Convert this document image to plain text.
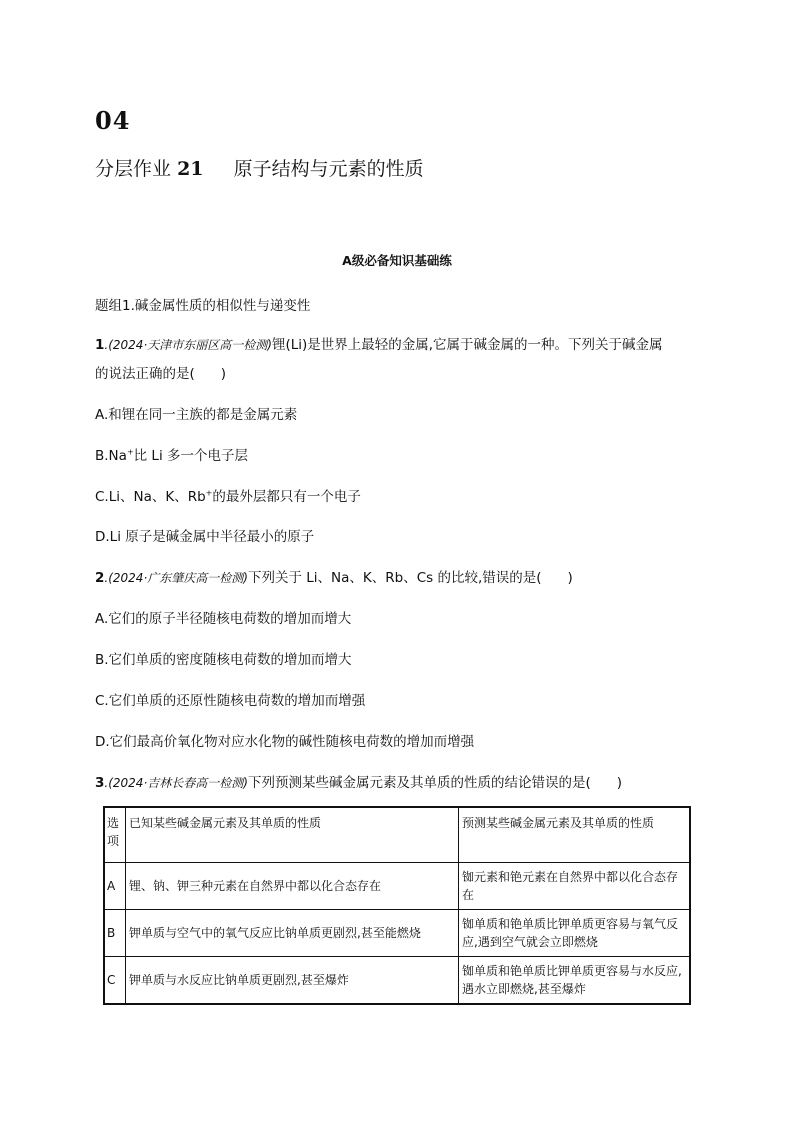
04
分层作业 21 原子结构与元素的性质
A级必备知识基础练
题组1.碱金属性质的相似性与递变性
1.(2024·天津市东丽区高一检测)锂(Li)是世界上最轻的金属,它属于碱金属的一种。下列关于碱金属
的说法正确的是( )
A.和锂在同一主族的都是金属元素
B.Na+比 Li 多一个电子层
C.Li、Na、K、Rb+的最外层都只有一个电子
D.Li 原子是碱金属中半径最小的原子
2.(2024·广东肇庆高一检测)下列关于 Li、Na、K、Rb、Cs 的比较,错误的是( )
A.它们的原子半径随核电荷数的增加而增大
B.它们单质的密度随核电荷数的增加而增大
C.它们单质的还原性随核电荷数的增加而增强
D.它们最高价氧化物对应水化物的碱性随核电荷数的增加而增强
3.(2024·吉林长春高一检测)下列预测某些碱金属元素及其单质的性质的结论错误的是( )
选项	已知某些碱金属元素及其单质的性质	预测某些碱金属元素及其单质的性质
A	锂、钠、钾三种元素在自然界中都以化合态存在	铷元素和铯元素在自然界中都以化合态存在
B	钾单质与空气中的氧气反应比钠单质更剧烈,甚至能燃烧	铷单质和铯单质比钾单质更容易与氧气反应,遇到空气就会立即燃烧
C	钾单质与水反应比钠单质更剧烈,甚至爆炸	铷单质和铯单质比钾单质更容易与水反应,遇水立即燃烧,甚至爆炸
